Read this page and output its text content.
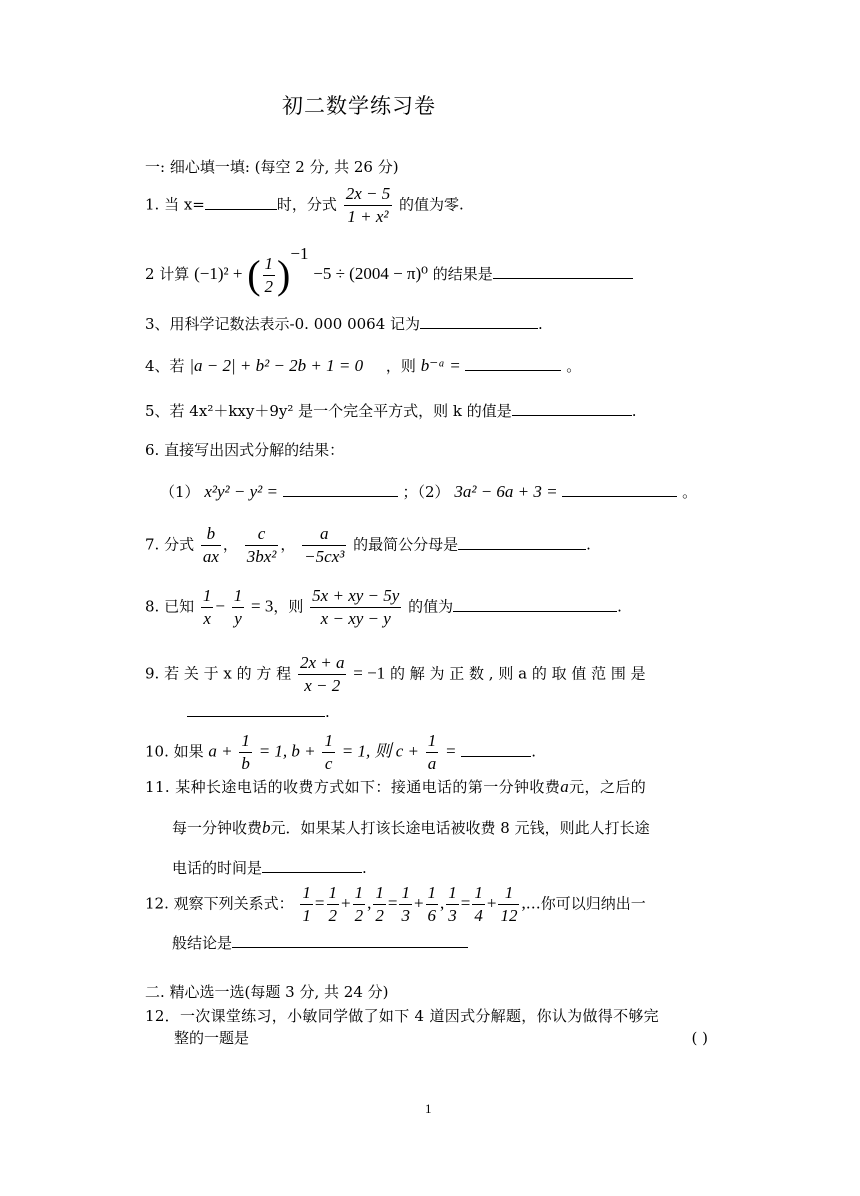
初二数学练习卷
一: 细心填一填: (每空 2 分, 共 26 分)
1. 当 x=	时，分式 $\frac{2x - 5}{\text{1 + x²}}$ 的值为零.
2 计算 (−1)² + ( $\frac{1}{2} )^{-1} -5 \div (2004 - \pi)^0$ 的结果是
3、用科学记数法表示-0. 000 0064 记为	.
4、若 |a − 2| + b² − 2b + 1 = 0 ，则 b⁻ᵃ =	。
5、若 4x²＋kxy＋9y² 是一个完全平方式，则 k 的值是	.
6. 直接写出因式分解的结果：
（1） x²y² − y² =	；（2） 3a² − 6a + 3 =	。
7. 分式 $\frac{b}{ax}$ ， $\frac{c}{\text{3bx²}}$ ， $\frac{a}{\text{−5cx³}}$ 的最简公分母是	.
8. 已知 $\frac{1}{x} - \frac{1}{y} = 3$，则 $\frac{5x + xy - 5y}{x - xy - y}$ 的值为	.
9. 若 关 于 x 的 方 程 $\frac{2x + a}{x - 2} = -1$ 的 解 为 正 数 , 则 a 的 取 值 范 围 是
.
10. 如果 $a + \frac{1}{b} = 1$, $b + \frac{1}{c} = 1$, 则 $c + \frac{1}{a}$ =	.
11. 某种长途电话的收费方式如下：接通电话的第一分钟收费a元，之后的
每一分钟收费b元．如果某人打该长途电话被收费 8 元钱，则此人打长途
电话的时间是	.
12. 观察下列关系式： $\frac{1}{1} = \frac{1}{2} + \frac{1}{2}$ , $\frac{1}{2} = \frac{1}{3} + \frac{1}{6}$ , $\frac{1}{3} = \frac{1}{4} + \frac{1}{12}$ ,…你可以归纳出一
般结论是
二. 精心选一选(每题 3 分, 共 24 分)
12．一次课堂练习，小敏同学做了如下 4 道因式分解题，你认为做得不够完
整的一题是	( )
1
